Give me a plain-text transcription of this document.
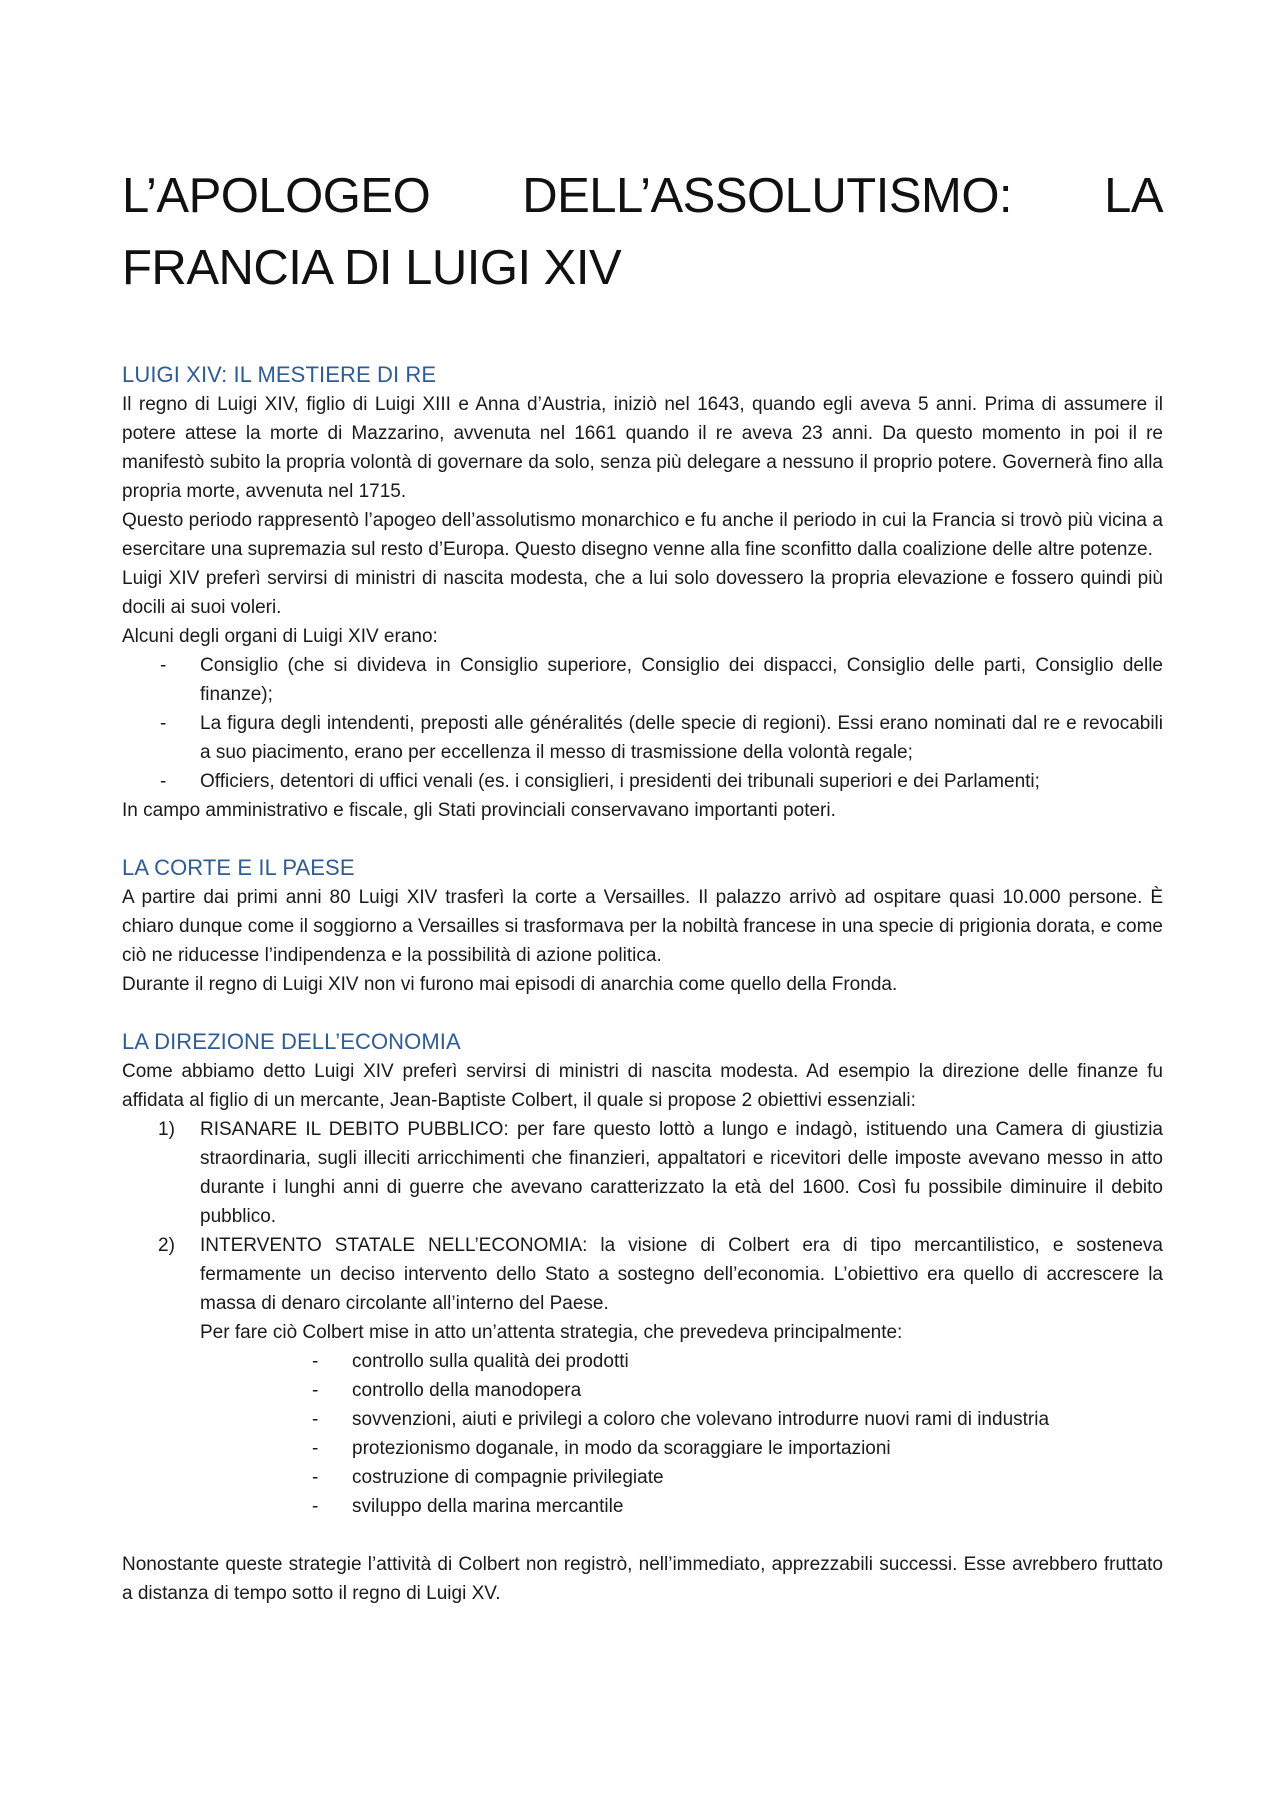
L’APOLOGEO DELL’ASSOLUTISMO: LA
FRANCIA DI LUIGI XIV
LUIGI XIV: IL MESTIERE DI RE

Il regno di Luigi XIV, figlio di Luigi XIII e Anna d’Austria, iniziò nel 1643, quando egli aveva 5 anni. Prima di assumere il potere attese la morte di Mazzarino, avvenuta nel 1661 quando il re aveva 23 anni. Da questo momento in poi il re manifestò subito la propria volontà di governare da solo, senza più delegare a nessuno il proprio potere. Governerà fino alla propria morte, avvenuta nel 1715.

Questo periodo rappresentò l’apogeo dell’assolutismo monarchico e fu anche il periodo in cui la Francia si trovò più vicina a esercitare una supremazia sul resto d’Europa. Questo disegno venne alla fine sconfitto dalla coalizione delle altre potenze.

Luigi XIV preferì servirsi di ministri di nascita modesta, che a lui solo dovessero la propria elevazione e fossero quindi più docili ai suoi voleri.

Alcuni degli organi di Luigi XIV erano:

- Consiglio (che si divideva in Consiglio superiore, Consiglio dei dispacci, Consiglio delle parti, Consiglio delle finanze);
- La figura degli intendenti, preposti alle généralités (delle specie di regioni). Essi erano nominati dal re e revocabili a suo piacimento, erano per eccellenza il messo di trasmissione della volontà regale;
- Officiers, detentori di uffici venali (es. i consiglieri, i presidenti dei tribunali superiori e dei Parlamenti;

In campo amministrativo e fiscale, gli Stati provinciali conservavano importanti poteri.

LA CORTE E IL PAESE

A partire dai primi anni 80 Luigi XIV trasferì la corte a Versailles. Il palazzo arrivò ad ospitare quasi 10.000 persone. È chiaro dunque come il soggiorno a Versailles si trasformava per la nobiltà francese in una specie di prigionia dorata, e come ciò ne riducesse l’indipendenza e la possibilità di azione politica.

Durante il regno di Luigi XIV non vi furono mai episodi di anarchia come quello della Fronda.

LA DIREZIONE DELL’ECONOMIA

Come abbiamo detto Luigi XIV preferì servirsi di ministri di nascita modesta. Ad esempio la direzione delle finanze fu affidata al figlio di un mercante, Jean-Baptiste Colbert, il quale si propose 2 obiettivi essenziali:

1) RISANARE IL DEBITO PUBBLICO: per fare questo lottò a lungo e indagò, istituendo una Camera di giustizia straordinaria, sugli illeciti arricchimenti che finanzieri, appaltatori e ricevitori delle imposte avevano messo in atto durante i lunghi anni di guerre che avevano caratterizzato la età del 1600. Così fu possibile diminuire il debito pubblico.
2) INTERVENTO STATALE NELL’ECONOMIA: la visione di Colbert era di tipo mercantilistico, e sosteneva fermamente un deciso intervento dello Stato a sostegno dell’economia. L’obiettivo era quello di accrescere la massa di denaro circolante all’interno del Paese.

Per fare ciò Colbert mise in atto un’attenta strategia, che prevedeva principalmente:

- controllo sulla qualità dei prodotti
- controllo della manodopera
- sovvenzioni, aiuti e privilegi a coloro che volevano introdurre nuovi rami di industria
- protezionismo doganale, in modo da scoraggiare le importazioni
- costruzione di compagnie privilegiate
- sviluppo della marina mercantile

Nonostante queste strategie l’attività di Colbert non registrò, nell’immediato, apprezzabili successi. Esse avrebbero fruttato a distanza di tempo sotto il regno di Luigi XV.
